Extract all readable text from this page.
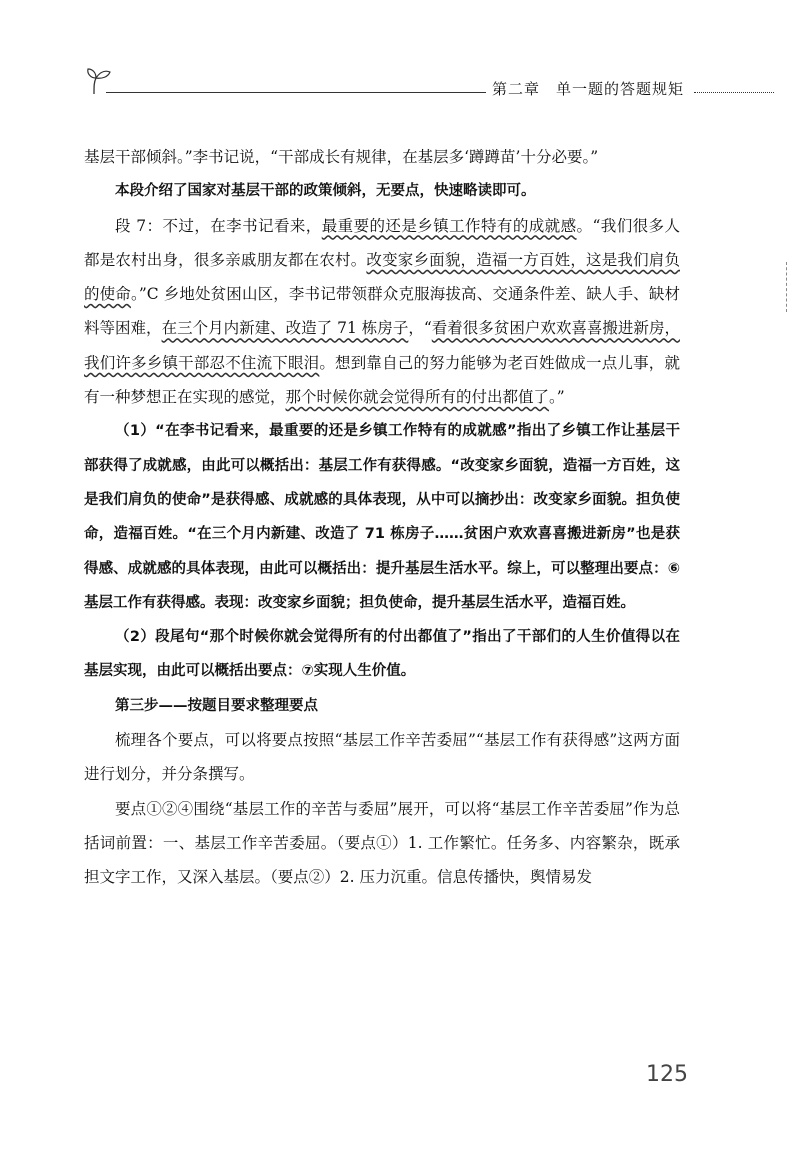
第二章　单一题的答题规矩

基层干部倾斜。”李书记说，“干部成长有规律，在基层多‘蹲蹲苗’十分必要。”

本段介绍了国家对基层干部的政策倾斜，无要点，快速略读即可。

段 7：不过，在李书记看来，最重要的还是乡镇工作特有的成就感。“我们很多人都是农村出身，很多亲戚朋友都在农村。改变家乡面貌，造福一方百姓，这是我们肩负的使命。”C 乡地处贫困山区，李书记带领群众克服海拔高、交通条件差、缺人手、缺材料等困难，在三个月内新建、改造了 71 栋房子，“看着很多贫困户欢欢喜喜搬进新房，我们许多乡镇干部忍不住流下眼泪。想到靠自己的努力能够为老百姓做成一点儿事，就有一种梦想正在实现的感觉，那个时候你就会觉得所有的付出都值了。”

（1）“在李书记看来，最重要的还是乡镇工作特有的成就感”指出了乡镇工作让基层干部获得了成就感，由此可以概括出：基层工作有获得感。“改变家乡面貌，造福一方百姓，这是我们肩负的使命”是获得感、成就感的具体表现，从中可以摘抄出：改变家乡面貌。担负使命，造福百姓。“在三个月内新建、改造了 71 栋房子……贫困户欢欢喜喜搬进新房”也是获得感、成就感的具体表现，由此可以概括出：提升基层生活水平。综上，可以整理出要点：⑥基层工作有获得感。表现：改变家乡面貌；担负使命，提升基层生活水平，造福百姓。

（2）段尾句“那个时候你就会觉得所有的付出都值了”指出了干部们的人生价值得以在基层实现，由此可以概括出要点：⑦实现人生价值。

第三步——按题目要求整理要点

梳理各个要点，可以将要点按照“基层工作辛苦委屈”“基层工作有获得感”这两方面进行划分，并分条撰写。

要点①②④围绕“基层工作的辛苦与委屈”展开，可以将“基层工作辛苦委屈”作为总括词前置：一、基层工作辛苦委屈。（要点①）1. 工作繁忙。任务多、内容繁杂，既承担文字工作，又深入基层。（要点②）2. 压力沉重。信息传播快，舆情易发

125
